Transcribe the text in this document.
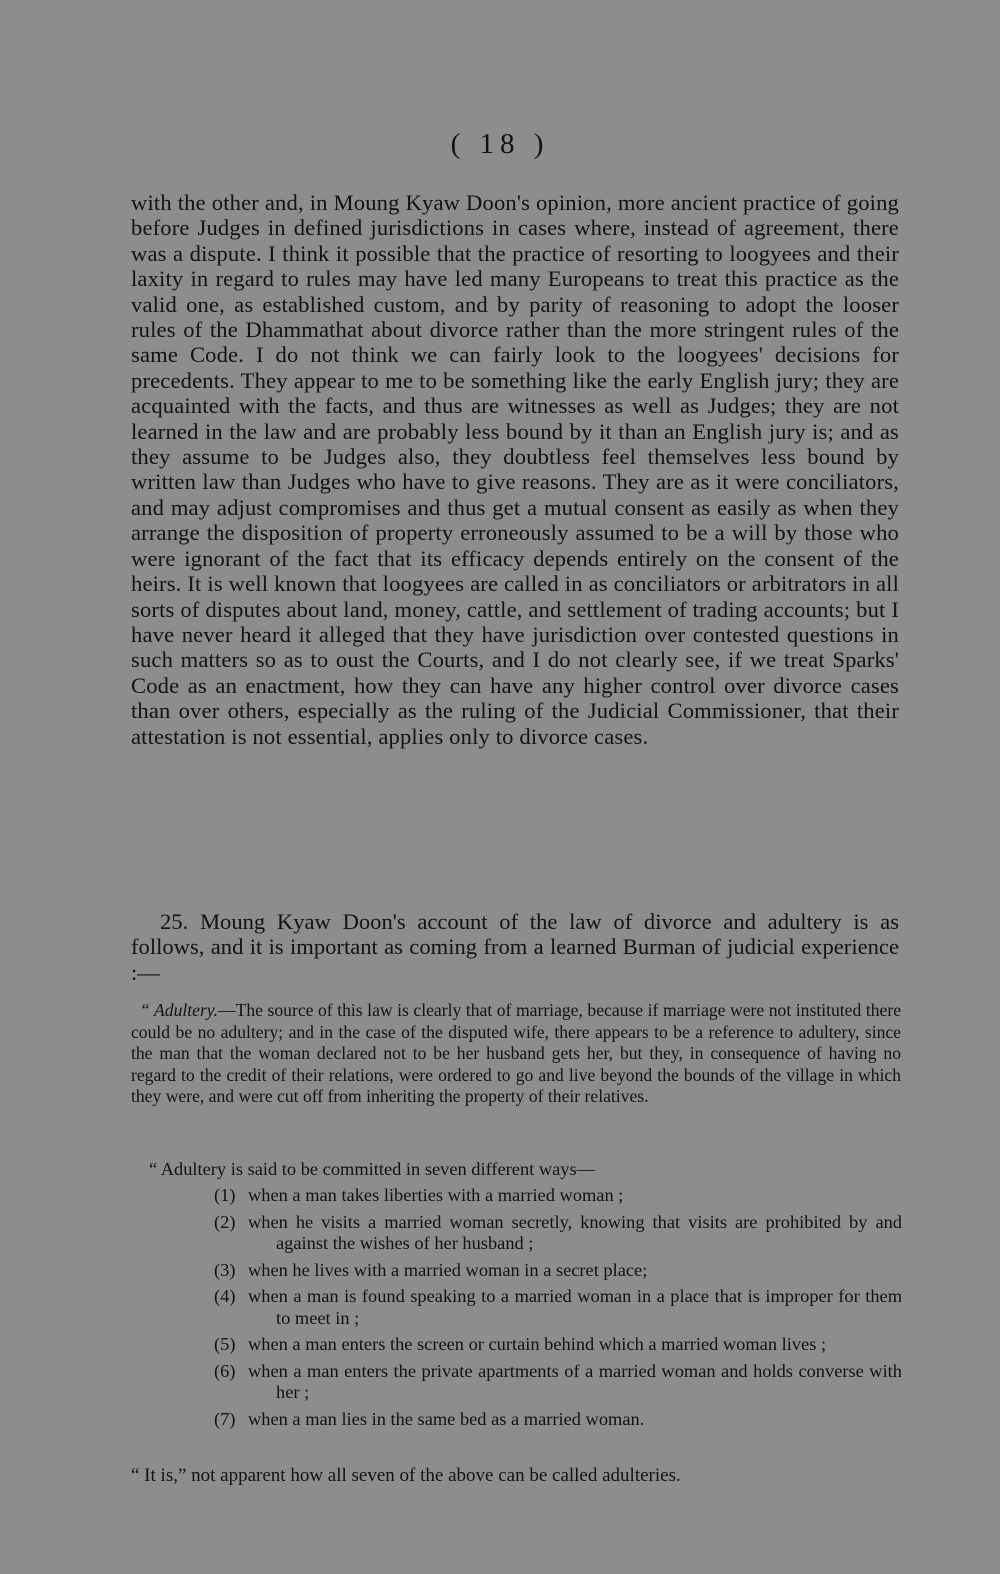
( 18 )

with the other and, in Moung Kyaw Doon's opinion, more ancient practice of going before Judges in defined jurisdictions in cases where, instead of agreement, there was a dispute. I think it possible that the practice of resorting to loogyees and their laxity in regard to rules may have led many Europeans to treat this practice as the valid one, as established custom, and by parity of reasoning to adopt the looser rules of the Dhammathat about divorce rather than the more stringent rules of the same Code. I do not think we can fairly look to the loogyees' decisions for precedents. They appear to me to be something like the early English jury; they are acquainted with the facts, and thus are witnesses as well as Judges; they are not learned in the law and are probably less bound by it than an English jury is; and as they assume to be Judges also, they doubtless feel themselves less bound by written law than Judges who have to give reasons. They are as it were conciliators, and may adjust compromises and thus get a mutual consent as easily as when they arrange the disposition of property erroneously assumed to be a will by those who were ignorant of the fact that its efficacy depends entirely on the consent of the heirs. It is well known that loogyees are called in as conciliators or arbitrators in all sorts of disputes about land, money, cattle, and settlement of trading accounts; but I have never heard it alleged that they have jurisdiction over contested questions in such matters so as to oust the Courts, and I do not clearly see, if we treat Sparks' Code as an enactment, how they can have any higher control over divorce cases than over others, especially as the ruling of the Judicial Commissioner, that their attestation is not essential, applies only to divorce cases.

25. Moung Kyaw Doon's account of the law of divorce and adultery is as follows, and it is important as coming from a learned Burman of judicial experience :—

“ Adultery.—The source of this law is clearly that of marriage, because if marriage were not instituted there could be no adultery; and in the case of the disputed wife, there appears to be a reference to adultery, since the man that the woman declared not to be her husband gets her, but they, in consequence of having no regard to the credit of their relations, were ordered to go and live beyond the bounds of the village in which they were, and were cut off from inheriting the property of their relatives.

“ Adultery is said to be committed in seven different ways—

(1) when a man takes liberties with a married woman ;
(2) when he visits a married woman secretly, knowing that visits are prohibited by and against the wishes of her husband ;
(3) when he lives with a married woman in a secret place;
(4) when a man is found speaking to a married woman in a place that is improper for them to meet in ;
(5) when a man enters the screen or curtain behind which a married woman lives ;
(6) when a man enters the private apartments of a married woman and holds converse with her ;
(7) when a man lies in the same bed as a married woman.

“ It is,” not apparent how all seven of the above can be called adulteries.
